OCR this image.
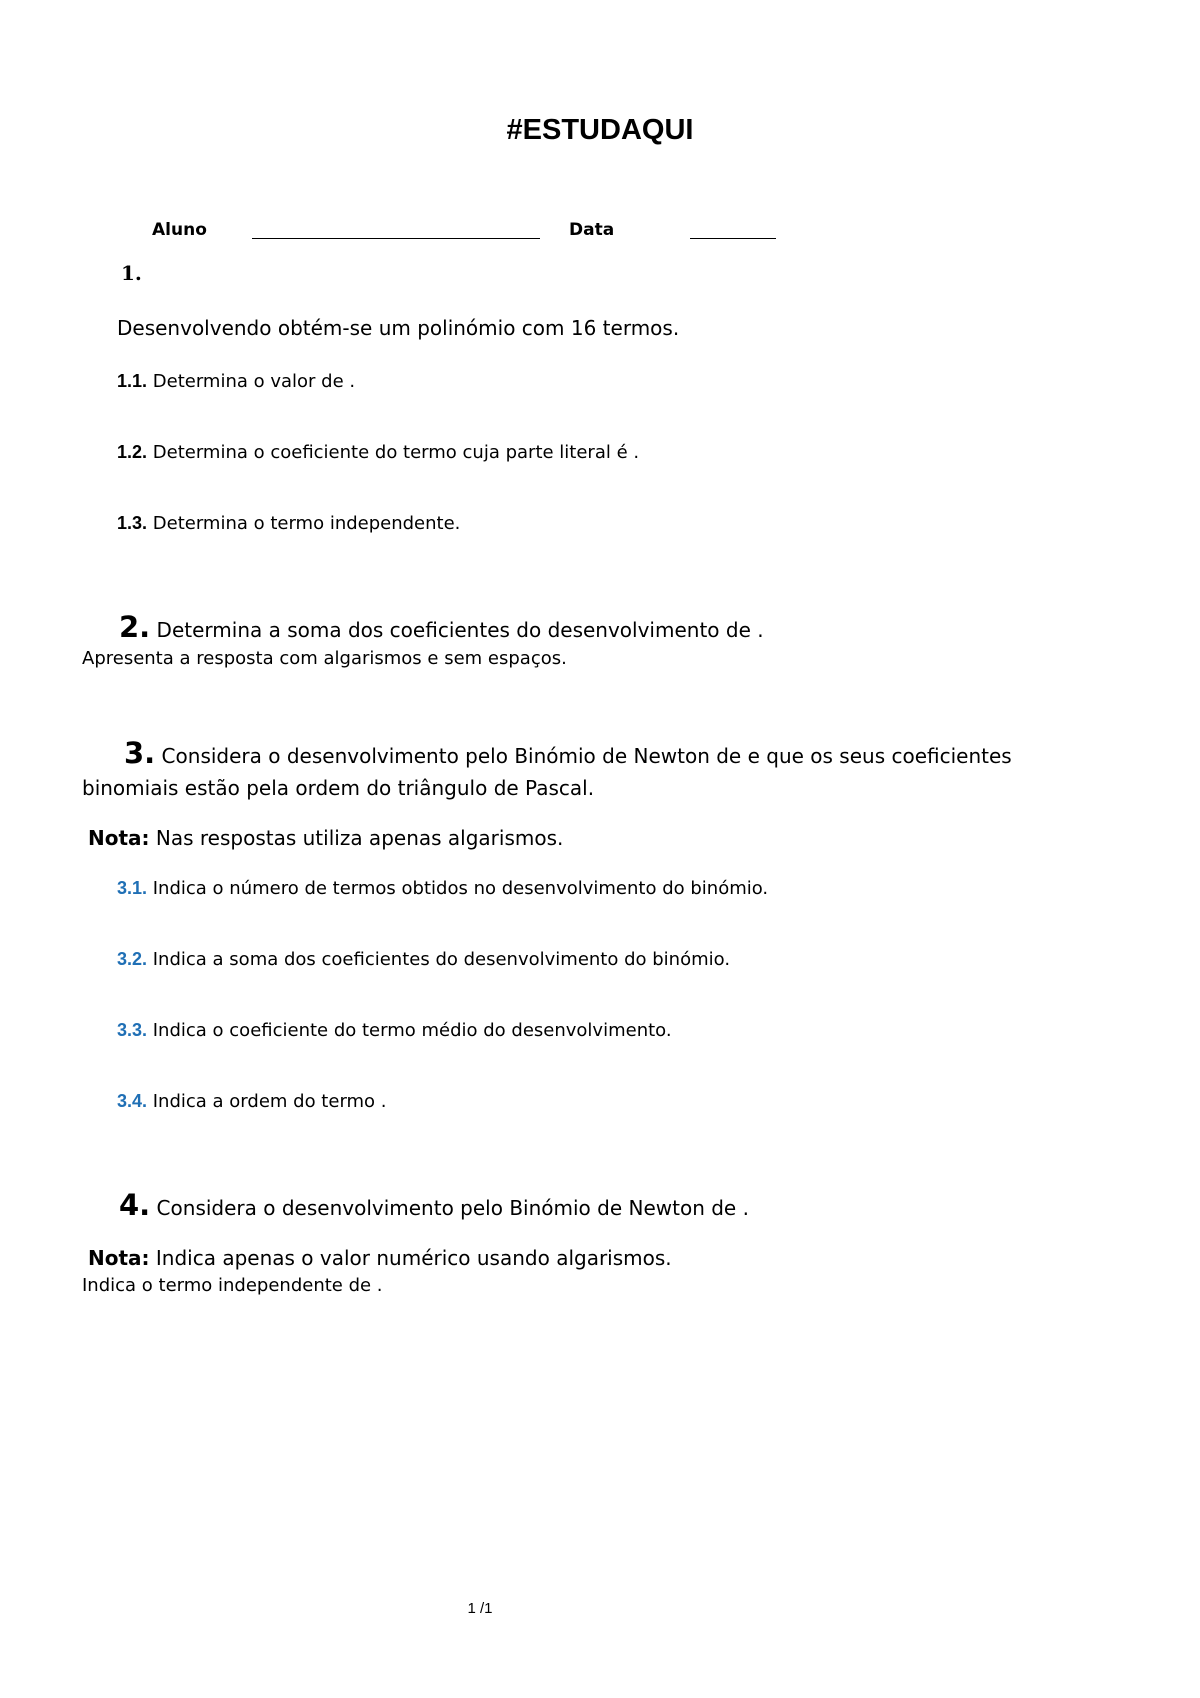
#ESTUDAQUI
Aluno	Data
1.
Desenvolvendo obtém-se um polinómio com 16 termos.
1.1. Determina o valor de .
1.2. Determina o coeficiente do termo cuja parte literal é .
1.3. Determina o termo independente.
2. Determina a soma dos coeficientes do desenvolvimento de .
Apresenta a resposta com algarismos e sem espaços.
3. Considera o desenvolvimento pelo Binómio de Newton de e que os seus coeficientes
binomiais estão pela ordem do triângulo de Pascal.
Nota: Nas respostas utiliza apenas algarismos.
3.1. Indica o número de termos obtidos no desenvolvimento do binómio.
3.2. Indica a soma dos coeficientes do desenvolvimento do binómio.
3.3. Indica o coeficiente do termo médio do desenvolvimento.
3.4. Indica a ordem do termo .
4. Considera o desenvolvimento pelo Binómio de Newton de .
Nota: Indica apenas o valor numérico usando algarismos.
Indica o termo independente de .
1 /1
